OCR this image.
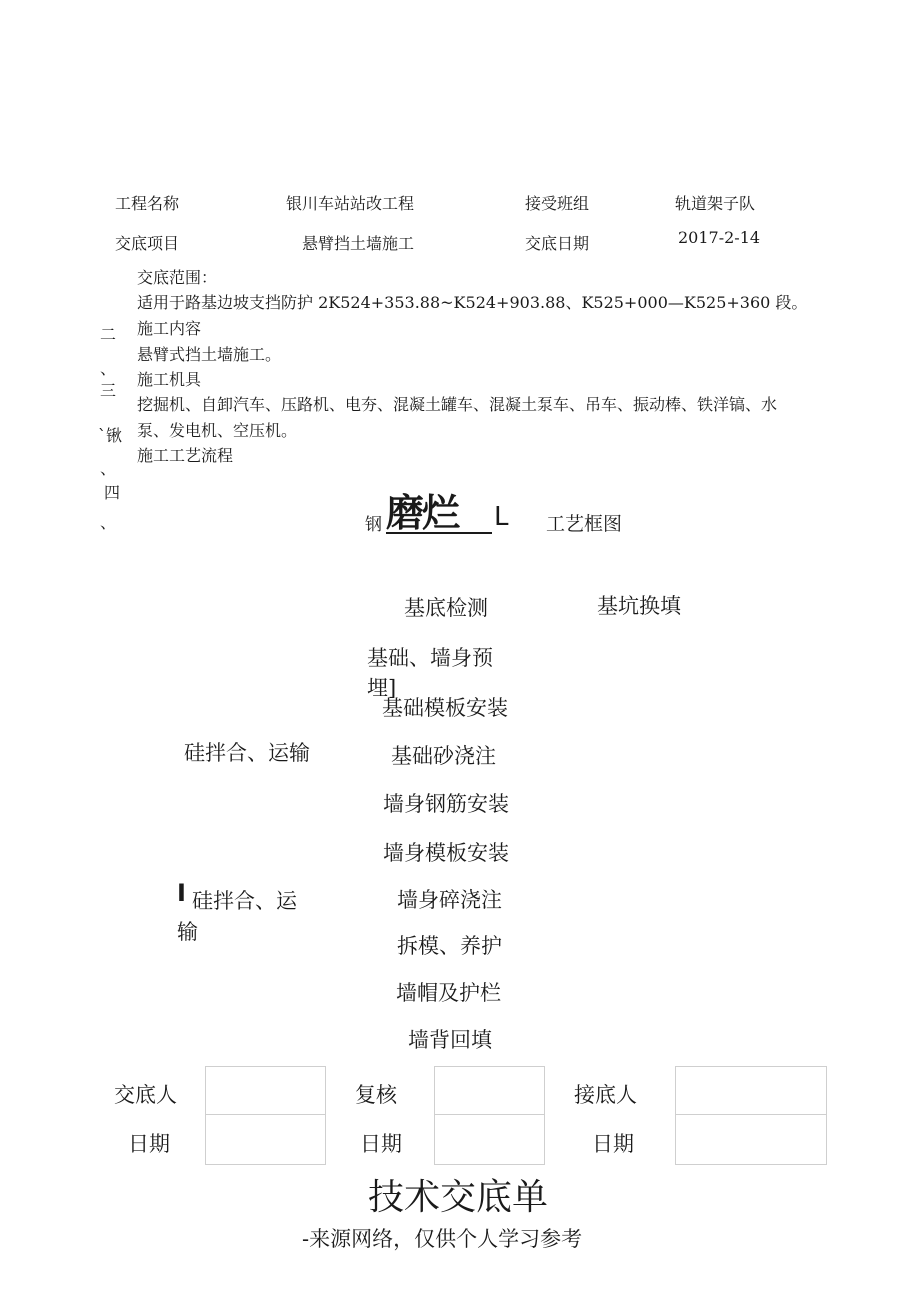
工程名称	银川车站站改工程	接受班组	轨道架子队
交底项目	悬臂挡土墙施工	交底日期	2017-2-14
交底范围：
适用于路基边坡支挡防护 2K524+353.88~K524+903.88、K525+000—K525+360 段。
施工内容
悬臂式挡土墙施工。
施工机具
挖掘机、自卸汽车、压路机、电夯、混凝土罐车、混凝土泵车、吊车、振动棒、铁洋镐、水
泵、发电机、空压机。
施工工艺流程
二
、
三
`锹
、
四
、	钢 磨烂 L 工艺框图
基底检测	基坑换填
基础、墙身预
埋]
基础模板安装
基础砂浇注
墙身钢筋安装
墙身模板安装
墙身碎浇注
拆模、养护
墙帽及护栏
墙背回填
硅拌合、运输
I 硅拌合、运
输
交底人	复核	接底人
日期	日期	日期
技术交底单
-来源网络，仅供个人学习参考
